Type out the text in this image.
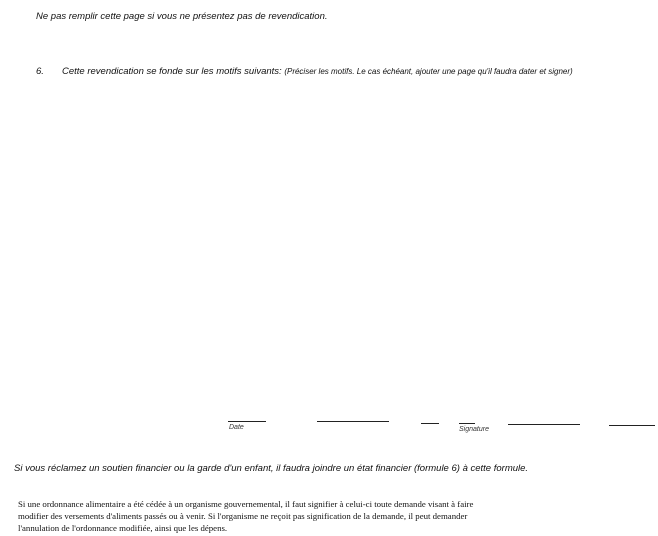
Ne pas remplir cette page si vous ne présentez pas de revendication.
6. Cette revendication se fonde sur les motifs suivants: (Préciser les motifs. Le cas échéant, ajouter une page qu'il faudra dater et signer)
Date	Signature
Si vous réclamez un soutien financier ou la garde d'un enfant, il faudra joindre un état financier (formule 6) à cette formule.

Si une ordonnance alimentaire a été cédée à un organisme gouvernemental, il faut signifier à celui-ci toute demande visant à faire

modifier des versements d'aliments passés ou à venir. Si l'organisme ne reçoit pas signification de la demande, il peut demander

l'annulation de l'ordonnance modifiée, ainsi que les dépens.
